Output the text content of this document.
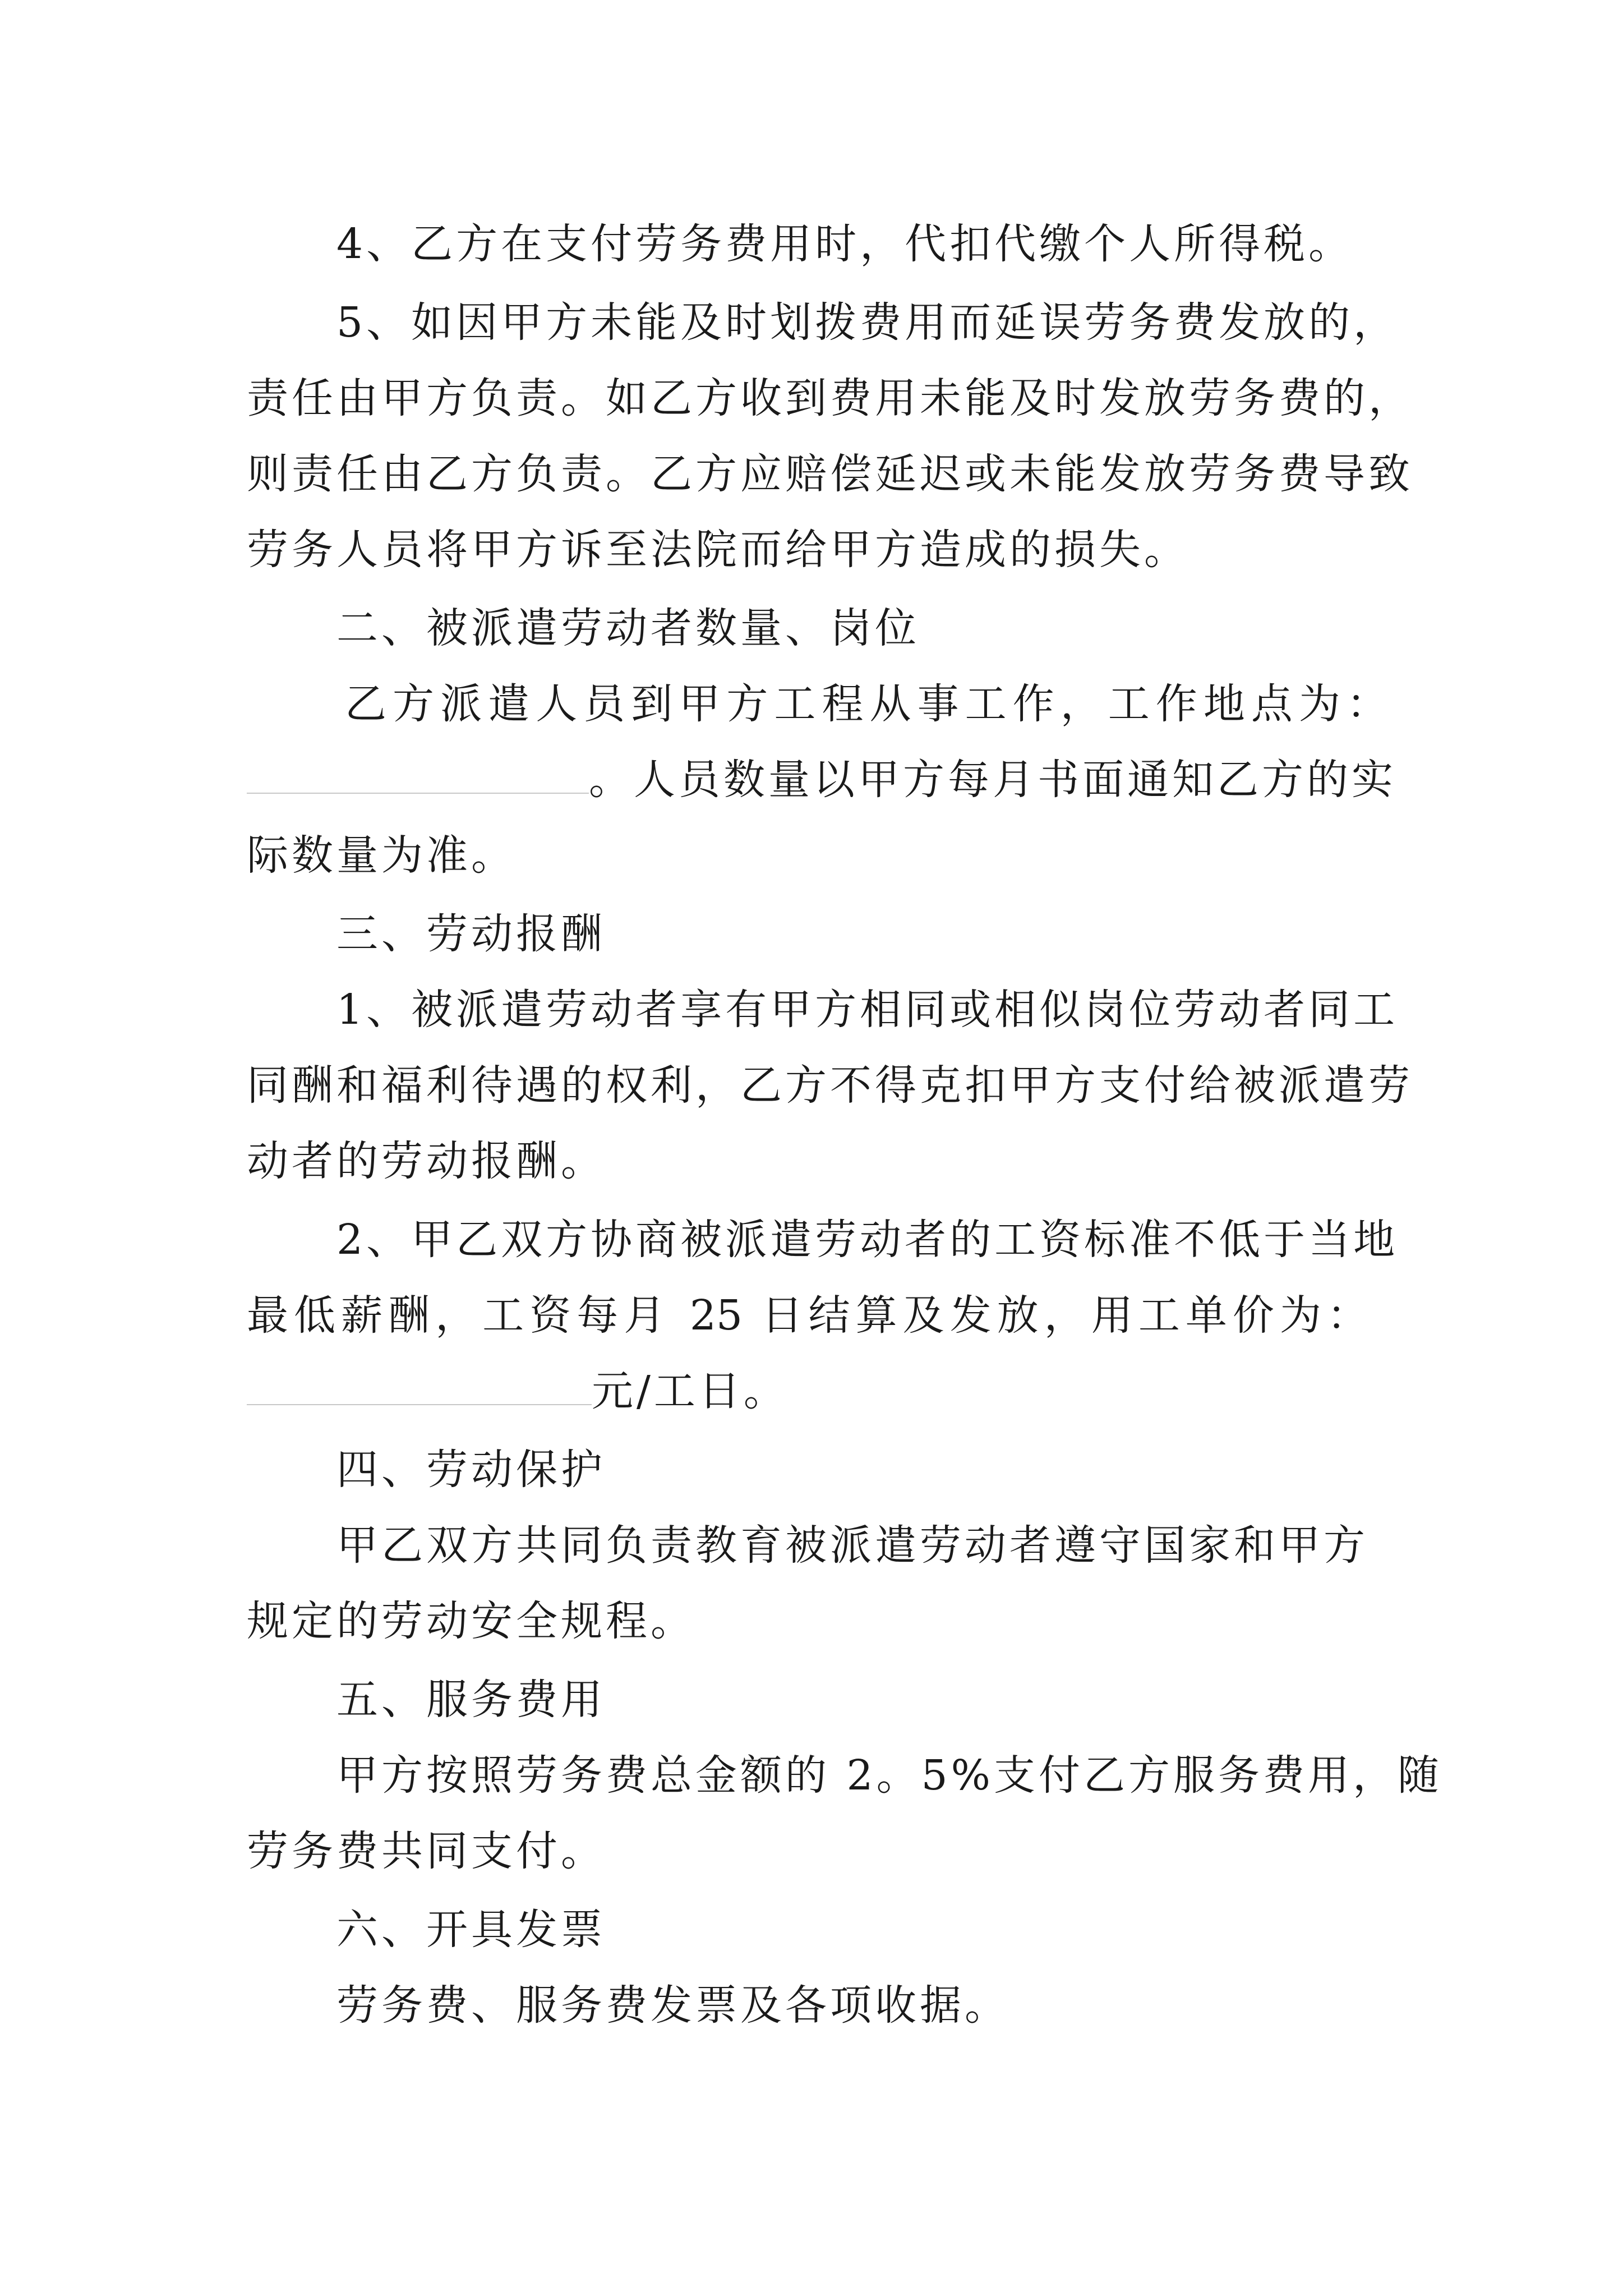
4、乙方在支付劳务费用时，代扣代缴个人所得税。
5、如因甲方未能及时划拨费用而延误劳务费发放的，
责任由甲方负责。如乙方收到费用未能及时发放劳务费的，
则责任由乙方负责。乙方应赔偿延迟或未能发放劳务费导致
劳务人员将甲方诉至法院而给甲方造成的损失。
二、被派遣劳动者数量、岗位
乙方派遣人员到甲方工程从事工作，工作地点为：
。人员数量以甲方每月书面通知乙方的实
际数量为准。
三、劳动报酬
1、被派遣劳动者享有甲方相同或相似岗位劳动者同工
同酬和福利待遇的权利，乙方不得克扣甲方支付给被派遣劳
动者的劳动报酬。
2、甲乙双方协商被派遣劳动者的工资标准不低于当地
最低薪酬，工资每月 25 日结算及发放，用工单价为：
元/工日。
四、劳动保护
甲乙双方共同负责教育被派遣劳动者遵守国家和甲方
规定的劳动安全规程。
五、服务费用
甲方按照劳务费总金额的 2。5%支付乙方服务费用，随
劳务费共同支付。
六、开具发票
劳务费、服务费发票及各项收据。
